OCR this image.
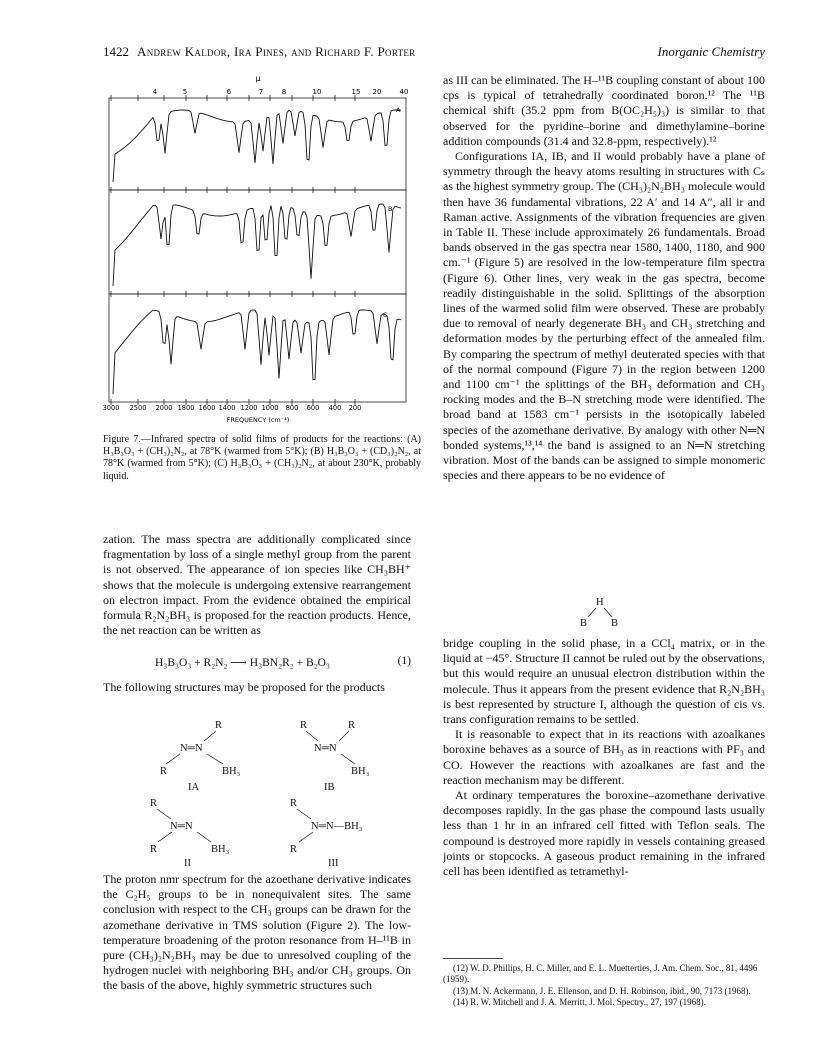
1422 Andrew Kaldor, Ira Pines, and Richard F. Porter	Inorganic Chemistry
μ
4	5	6	7	8	10	15 20	40
A
B
C
3000 2500 2000 1800 1600 1400 1200 1000 800 600 400 200
FREQUENCY (cm⁻¹)
Figure 7.—Infrared spectra of solid films of products for the reactions: (A) H₃B₃O₃ + (CH₃)₂N₂, at 78°K (warmed from 5°K); (B) H₃B₃O₃ + (CD₃)₂N₂, at 78°K (warmed from 5°K); (C) H₃B₃O₃ + (CH₃)₂N₂, at about 230°K, probably liquid.

zation. The mass spectra are additionally complicated since fragmentation by loss of a single methyl group from the parent is not observed. The appearance of ion species like CH₃BH⁺ shows that the molecule is undergoing extensive rearrangement on electron impact. From the evidence obtained the empirical formula R₂N₂BH₃ is proposed for the reaction products. Hence, the net reaction can be written as

H₃B₃O₃ + R₂N₂ ⟶ H₃BN₂R₂ + B₂O₃	(1)

The following structures may be proposed for the products

R
N═N
R	BH₃
IA
R	R
N═N
BH₃
IB
R
N═N
R	BH₃
II
R
N═N—BH₃
R
III

The proton nmr spectrum for the azoethane derivative indicates the C₂H₅ groups to be in nonequivalent sites. The same conclusion with respect to the CH₃ groups can be drawn for the azomethane derivative in TMS solution (Figure 2). The low-temperature broadening of the proton resonance from H–¹¹B in pure (CH₃)₂N₂BH₃ may be due to unresolved coupling of the hydrogen nuclei with neighboring BH₃ and/or CH₃ groups. On the basis of the above, highly symmetric structures such

as III can be eliminated. The H–¹¹B coupling constant of about 100 cps is typical of tetrahedrally coordinated boron.¹² The ¹¹B chemical shift (35.2 ppm from B(OC₂H₅)₃) is similar to that observed for the pyridine–borine and dimethylamine–borine addition compounds (31.4 and 32.8-ppm, respectively).¹²

Configurations IA, IB, and II would probably have a plane of symmetry through the heavy atoms resulting in structures with Cₛ as the highest symmetry group. The (CH₃)₂N₂BH₃ molecule would then have 36 fundamental vibrations, 22 A′ and 14 A″, all ir and Raman active. Assignments of the vibration frequencies are given in Table II. These include approximately 26 fundamentals. Broad bands observed in the gas spectra near 1580, 1400, 1180, and 900 cm.⁻¹ (Figure 5) are resolved in the low-temperature film spectra (Figure 6). Other lines, very weak in the gas spectra, become readily distinguishable in the solid. Splittings of the absorption lines of the warmed solid film were observed. These are probably due to removal of nearly degenerate BH₃ and CH₃ stretching and deformation modes by the perturbing effect of the annealed film. By comparing the spectrum of methyl deuterated species with that of the normal compound (Figure 7) in the region between 1200 and 1100 cm⁻¹ the splittings of the BH₃ deformation and CH₃ rocking modes and the B–N stretching mode were identified. The broad band at 1583 cm⁻¹ persists in the isotopically labeled species of the azomethane derivative. By analogy with other N═N bonded systems,¹³,¹⁴ the band is assigned to an N═N stretching vibration. Most of the bands can be assigned to simple monomeric species and there appears to be no evidence of

H
B B

bridge coupling in the solid phase, in a CCl₄ matrix, or in the liquid at −45°. Structure II cannot be ruled out by the observations, but this would require an unusual electron distribution within the molecule. Thus it appears from the present evidence that R₂N₂BH₃ is best represented by structure I, although the question of cis vs. trans configuration remains to be settled.

It is reasonable to expect that in its reactions with azoalkanes boroxine behaves as a source of BH₃ as in reactions with PF₃ and CO. However the reactions with azoalkanes are fast and the reaction mechanism may be different.

At ordinary temperatures the boroxine–azomethane derivative decomposes rapidly. In the gas phase the compound lasts usually less than 1 hr in an infrared cell fitted with Teflon seals. The compound is destroyed more rapidly in vessels containing greased joints or stopcocks. A gaseous product remaining in the infrared cell has been identified as tetramethyl-

(12) W. D. Phillips, H. C. Miller, and E. L. Muetterties, J. Am. Chem. Soc., 81, 4496 (1959).
(13) M. N. Ackermann, J. E. Ellenson, and D. H. Robinson, ibid., 90, 7173 (1968).
(14) R. W. Mitchell and J. A. Merritt, J. Mol. Spectry., 27, 197 (1968).
